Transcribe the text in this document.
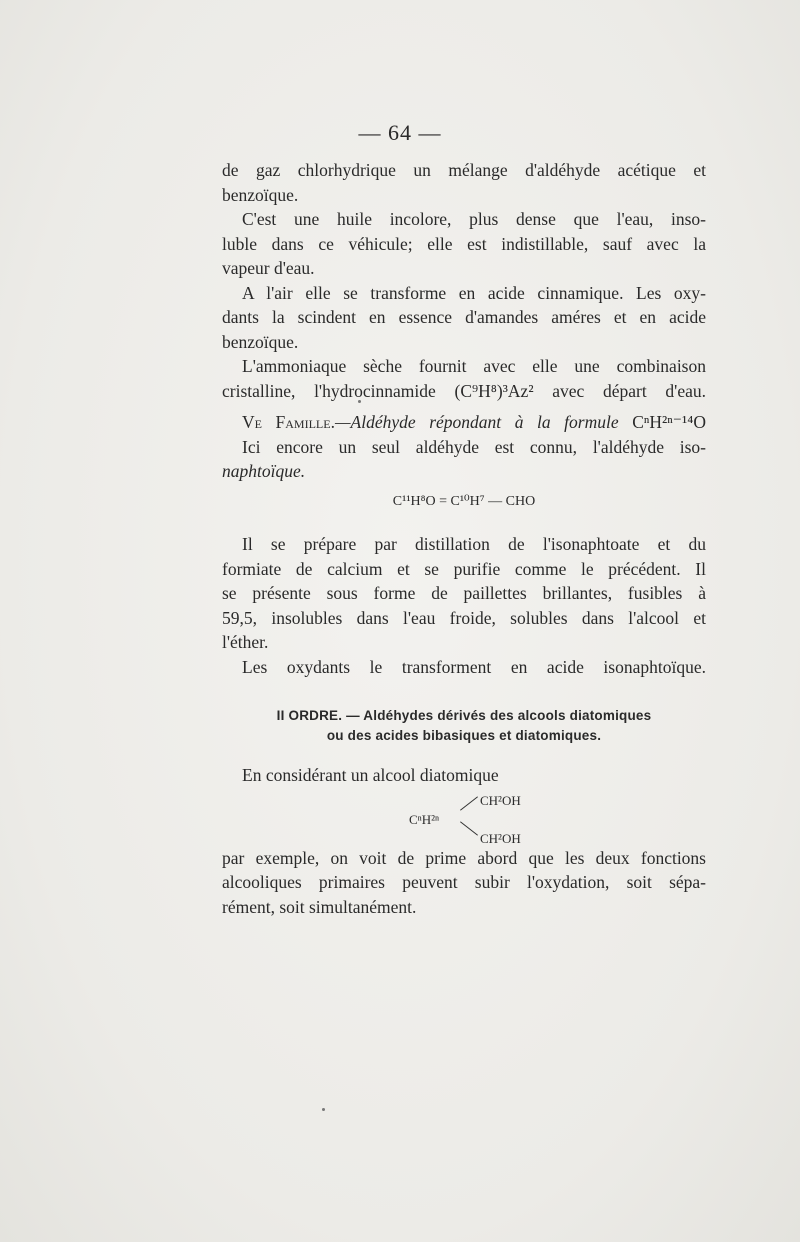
— 64 —
de gaz chlorhydrique un mélange d'aldéhyde acétique et
benzoïque.
C'est une huile incolore, plus dense que l'eau, inso-
luble dans ce véhicule; elle est indistillable, sauf avec la
vapeur d'eau.
A l'air elle se transforme en acide cinnamique. Les oxy-
dants la scindent en essence d'amandes améres et en acide
benzoïque.
L'ammoniaque sèche fournit avec elle une combinaison
cristalline, l'hydrocinnamide (C⁹H⁸)³Az² avec départ d'eau.
Ve Famille.—Aldéhyde répondant à la formule CⁿH²ⁿ⁻¹⁴O
Ici encore un seul aldéhyde est connu, l'aldéhyde iso-
naphtoïque.
C¹¹H⁸O = C¹⁰H⁷ — CHO
Il se prépare par distillation de l'isonaphtoate et du
formiate de calcium et se purifie comme le précédent. Il
se présente sous forme de paillettes brillantes, fusibles à
59,5, insolubles dans l'eau froide, solubles dans l'alcool et
l'éther.
Les oxydants le transforment en acide isonaphtoïque.
II ORDRE. — Aldéhydes dérivés des alcools diatomiques
ou des acides bibasiques et diatomiques.
En considérant un alcool diatomique
CⁿH²ⁿ
CH²OH
CH²OH
par exemple, on voit de prime abord que les deux fonctions
alcooliques primaires peuvent subir l'oxydation, soit sépa-
rément, soit simultanément.
